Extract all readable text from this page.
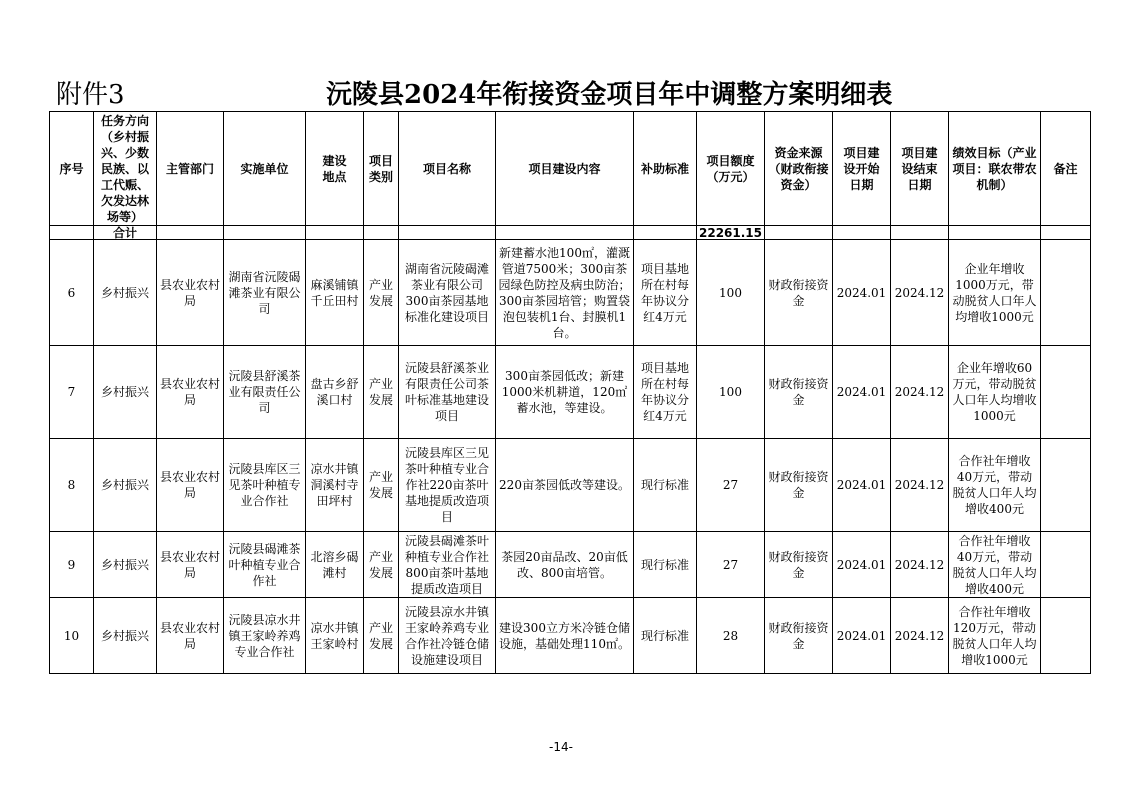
附件3	沅陵县2024年衔接资金项目年中调整方案明细表
序号	任务方向（乡村振兴、少数民族、以工代赈、欠发达林场等）	主管部门	实施单位	建设地点	项目类别	项目名称	项目建设内容	补助标准	项目额度（万元）	资金来源（财政衔接资金）	项目建设开始日期	项目建设结束日期	绩效目标（产业项目：联农带农机制）	备注
	合计								22261.15					
6	乡村振兴	县农业农村局	湖南省沅陵碣滩茶业有限公司	麻溪铺镇千丘田村	产业发展	湖南省沅陵碣滩茶业有限公司300亩茶园基地标准化建设项目	新建蓄水池100㎡，灌溉管道7500米；300亩茶园绿色防控及病虫防治；300亩茶园培管；购置袋泡包装机1台、封膜机1台。	项目基地所在村每年协议分红4万元	100	财政衔接资金	2024.01	2024.12	企业年增收1000万元，带动脱贫人口年人均增收1000元	
7	乡村振兴	县农业农村局	沅陵县舒溪茶业有限责任公司	盘古乡舒溪口村	产业发展	沅陵县舒溪茶业有限责任公司茶叶标准基地建设项目	300亩茶园低改；新建1000米机耕道，120㎡蓄水池，等建设。	项目基地所在村每年协议分红4万元	100	财政衔接资金	2024.01	2024.12	企业年增收60万元，带动脱贫人口年人均增收1000元	
8	乡村振兴	县农业农村局	沅陵县库区三见茶叶种植专业合作社	凉水井镇洞溪村寺田坪村	产业发展	沅陵县库区三见茶叶种植专业合作社220亩茶叶基地提质改造项目	220亩茶园低改等建设。	现行标准	27	财政衔接资金	2024.01	2024.12	合作社年增收40万元，带动脱贫人口年人均增收400元	
9	乡村振兴	县农业农村局	沅陵县碣滩茶叶种植专业合作社	北溶乡碣滩村	产业发展	沅陵县碣滩茶叶种植专业合作社800亩茶叶基地提质改造项目	茶园20亩品改、20亩低改、800亩培管。	现行标准	27	财政衔接资金	2024.01	2024.12	合作社年增收40万元，带动脱贫人口年人均增收400元	
10	乡村振兴	县农业农村局	沅陵县凉水井镇王家岭养鸡专业合作社	凉水井镇王家岭村	产业发展	沅陵县凉水井镇王家岭养鸡专业合作社冷链仓储设施建设项目	建设300立方米冷链仓储设施，基础处理110㎡。	现行标准	28	财政衔接资金	2024.01	2024.12	合作社年增收120万元，带动脱贫人口年人均增收1000元	
-14-
